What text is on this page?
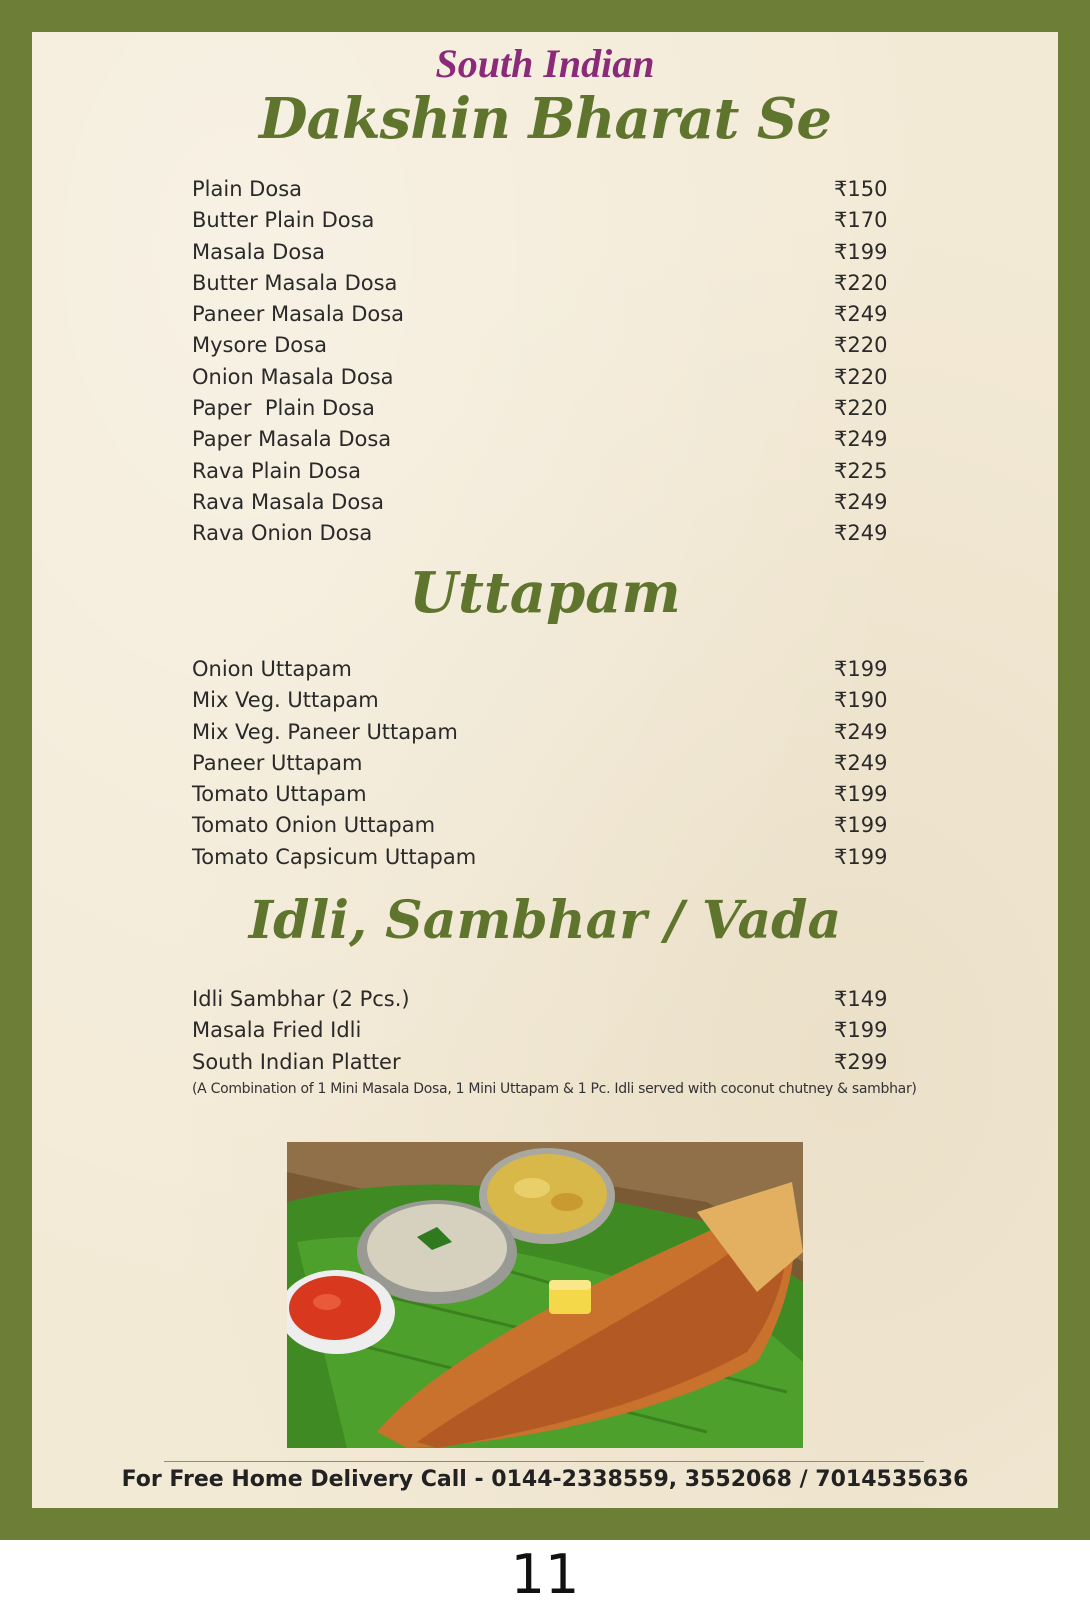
South Indian
Dakshin Bharat Se
Plain Dosa	₹150
Butter Plain Dosa	₹170
Masala Dosa	₹199
Butter Masala Dosa	₹220
Paneer Masala Dosa	₹249
Mysore Dosa	₹220
Onion Masala Dosa	₹220
Paper  Plain Dosa	₹220
Paper Masala Dosa	₹249
Rava Plain Dosa	₹225
Rava Masala Dosa	₹249
Rava Onion Dosa	₹249
Uttapam
Onion Uttapam	₹199
Mix Veg. Uttapam	₹190
Mix Veg. Paneer Uttapam	₹249
Paneer Uttapam	₹249
Tomato Uttapam	₹199
Tomato Onion Uttapam	₹199
Tomato Capsicum Uttapam	₹199
Idli, Sambhar / Vada
Idli Sambhar (2 Pcs.)	₹149
Masala Fried Idli	₹199
South Indian Platter	₹299
(A Combination of 1 Mini Masala Dosa, 1 Mini Uttapam & 1 Pc. Idli served with coconut chutney & sambhar)
For Free Home Delivery Call - 0144-2338559, 3552068 / 7014535636
11
